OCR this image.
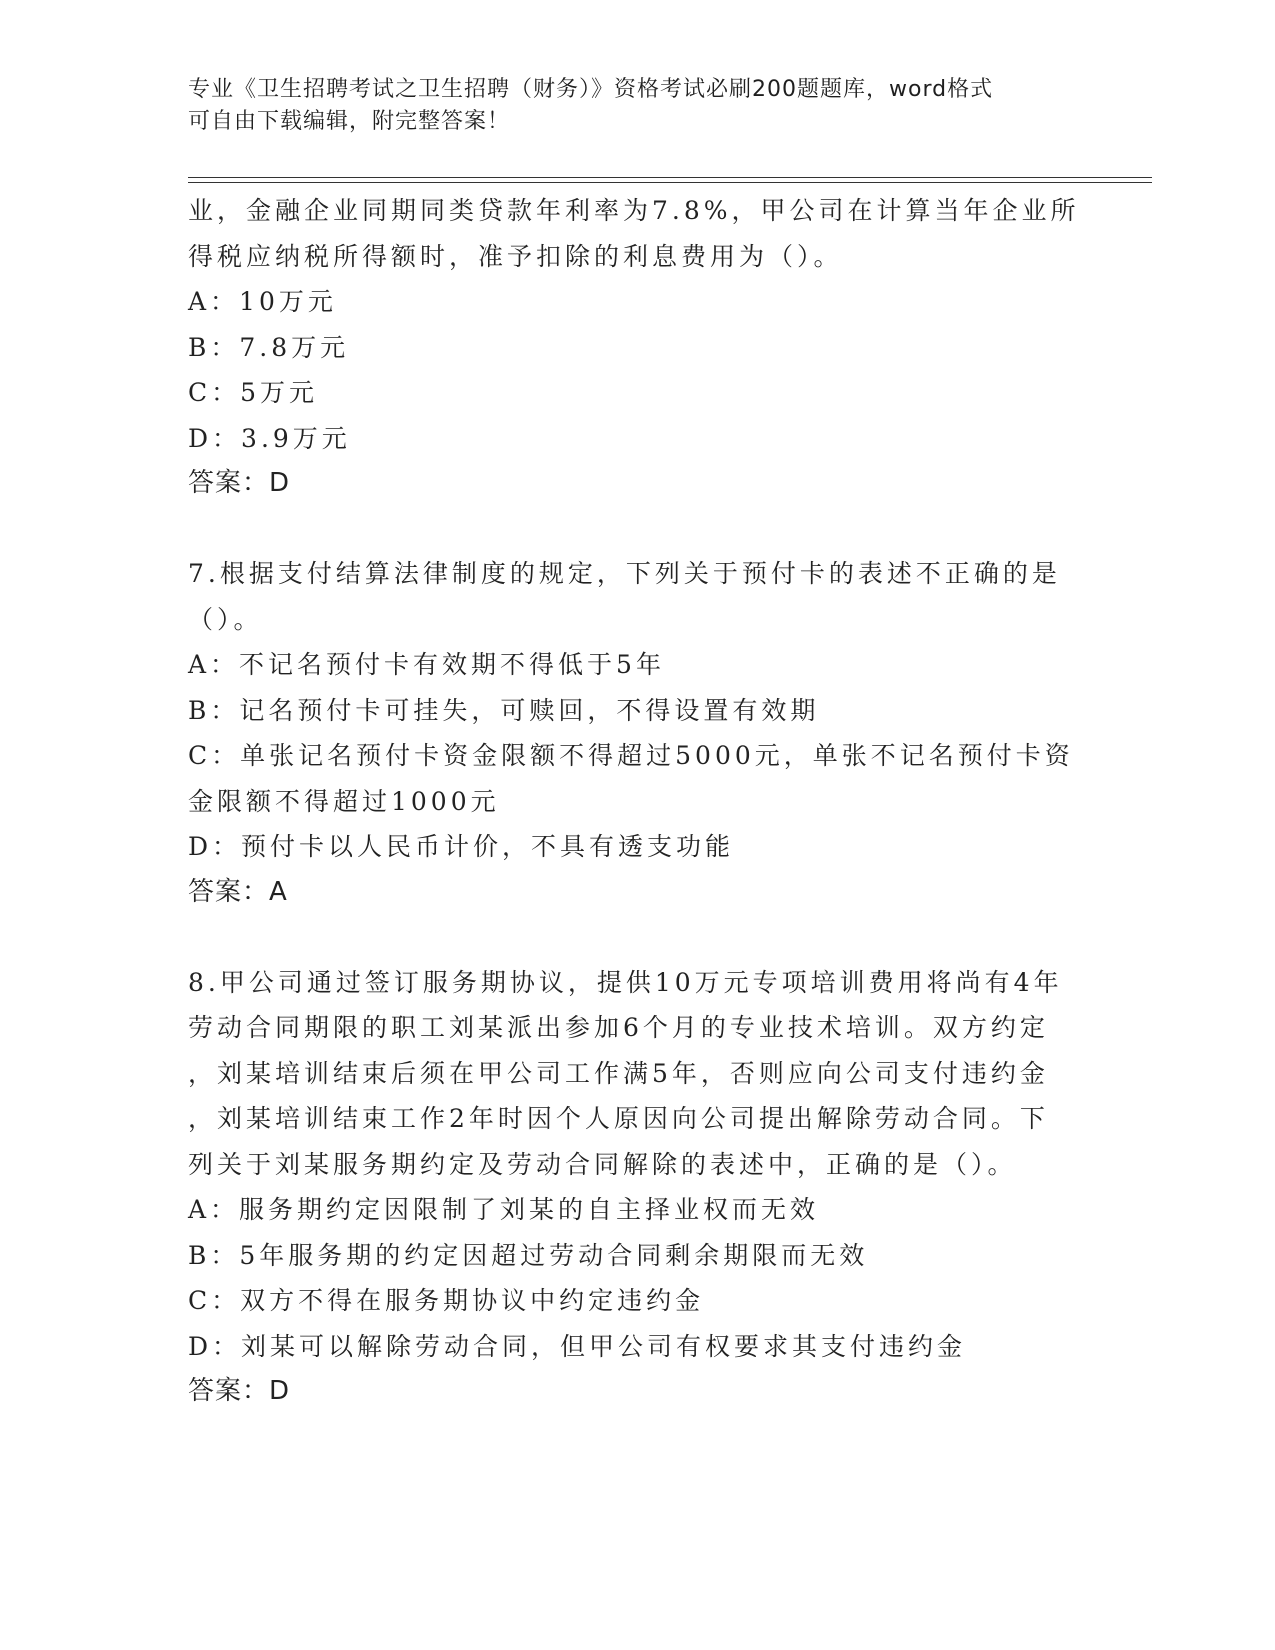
专业《卫生招聘考试之卫生招聘（财务）》资格考试必刷200题题库，word格式
可自由下载编辑，附完整答案！
业，金融企业同期同类贷款年利率为7.8%，甲公司在计算当年企业所
得税应纳税所得额时，准予扣除的利息费用为（）。
A：10万元
B：7.8万元
C：5万元
D：3.9万元
答案：D
7.根据支付结算法律制度的规定，下列关于预付卡的表述不正确的是
（）。
A：不记名预付卡有效期不得低于5年
B：记名预付卡可挂失，可赎回，不得设置有效期
C：单张记名预付卡资金限额不得超过5000元，单张不记名预付卡资
金限额不得超过1000元
D：预付卡以人民币计价，不具有透支功能
答案：A
8.甲公司通过签订服务期协议，提供10万元专项培训费用将尚有4年
劳动合同期限的职工刘某派出参加6个月的专业技术培训。双方约定
，刘某培训结束后须在甲公司工作满5年，否则应向公司支付违约金
，刘某培训结束工作2年时因个人原因向公司提出解除劳动合同。下
列关于刘某服务期约定及劳动合同解除的表述中，正确的是（）。
A：服务期约定因限制了刘某的自主择业权而无效
B：5年服务期的约定因超过劳动合同剩余期限而无效
C：双方不得在服务期协议中约定违约金
D：刘某可以解除劳动合同，但甲公司有权要求其支付违约金
答案：D
